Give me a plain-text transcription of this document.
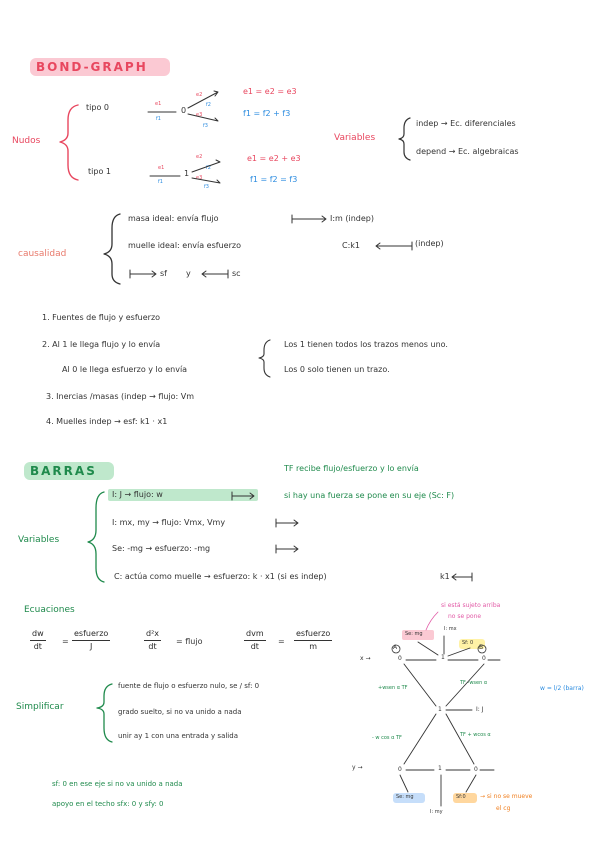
BOND-GRAPH
Nudos
tipo 0
tipo 1
e1
f1
0
e2
f2
e3
f3
e1 = e2 = e3
f1 = f2 + f3
e1
f1
1
e2
f2
e3
f3
e1 = e2 + e3
f1 = f2 = f3
Variables
indep → Ec. diferenciales
depend → Ec. algebraicas
causalidad
masa ideal: envía flujo	I:m (indep)
muelle ideal: envía esfuerzo	C:k1	(indep)
sf y	sc
1. Fuentes de flujo y esfuerzo
2. Al 1 le llega flujo y lo envía
Al 0 le llega esfuerzo y lo envía
3. Inercias /masas (indep → flujo: Vm
4. Muelles indep → esf: k1 · x1
Los 1 tienen todos los trazos menos uno.
Los 0 solo tienen un trazo.
BARRAS	TF recibe flujo/esfuerzo y lo envía
si hay una fuerza se pone en su eje (Sc: F)
Variables
I: J → flujo: w
I: mx, my → flujo: Vmx, Vmy
Se: -mg → esfuerzo: -mg
C: actúa como muelle → esfuerzo: k · x1 (si es indep)	k1
Ecuaciones
$\frac{dw}{dt}$ =
esfuerzo
J	$\frac{\text{d²x}}{dt}$ = flujo
dvm
dt
=
esfuerzo
m
Simplificar
fuente de flujo o esfuerzo nulo, se / sf: 0
grado suelto, si no va unido a nada
unir ay 1 con una entrada y salida
sf: 0 en ese eje si no va unido a nada
apoyo en el techo sfx: 0 y sfy: 0
si está sujeto arriba
no se pone
Se: mg
I: mx
Sf: 0
x →
A	B
0	1	0
+wsen α TF
TF -wsen α
w = l/2 (barra)
1	I: J
- w cos α TF	TF + wcos α
y →	0	1	0
Se: mg	Sf:0 → si no se mueve
el cg
I: my
